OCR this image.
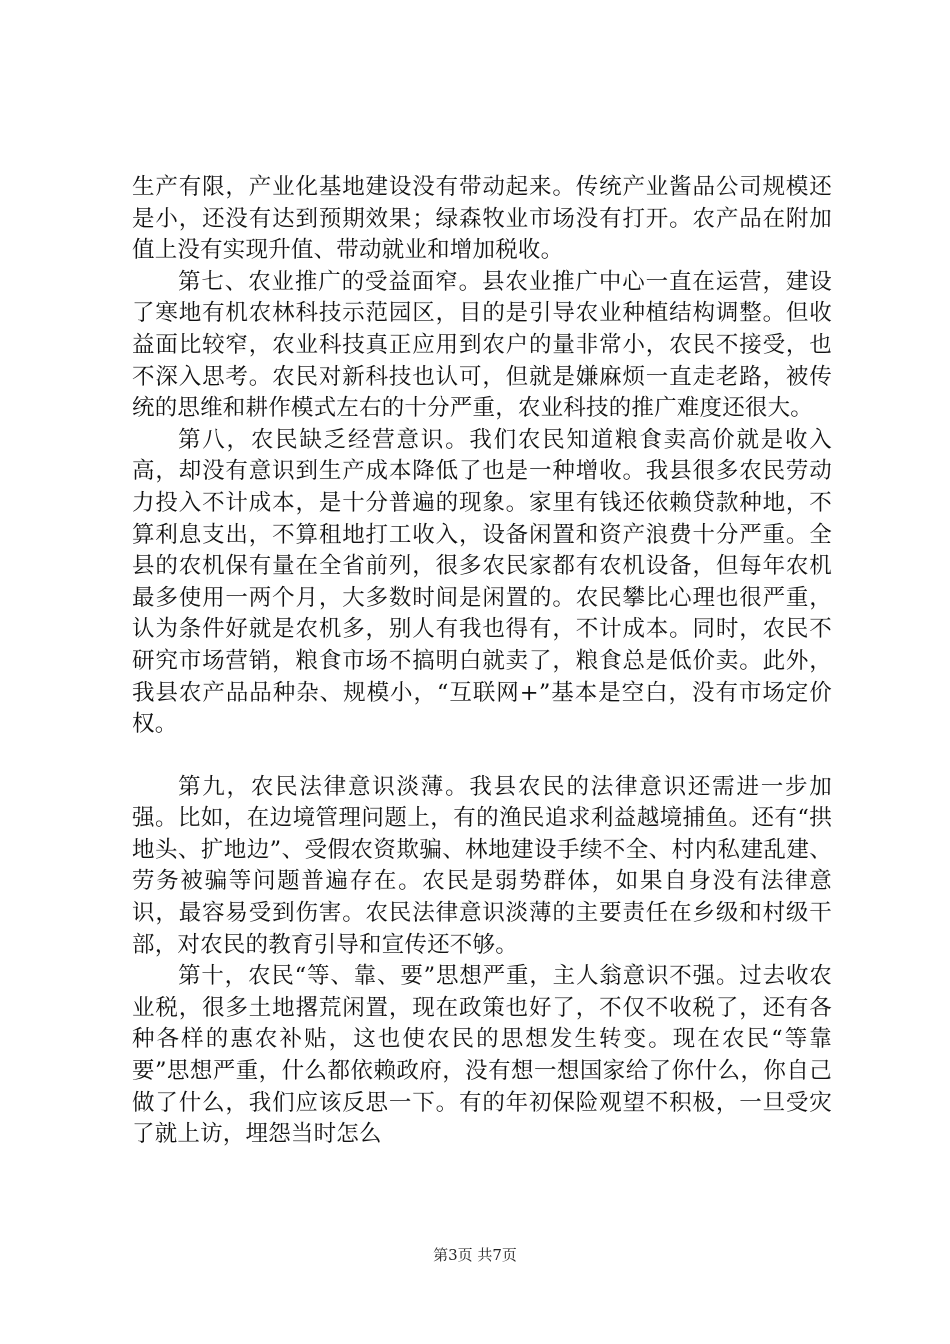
生产有限，产业化基地建设没有带动起来。传统产业酱品公司规模还是小，还没有达到预期效果；绿森牧业市场没有打开。农产品在附加值上没有实现升值、带动就业和增加税收。

第七、农业推广的受益面窄。县农业推广中心一直在运营，建设了寒地有机农林科技示范园区，目的是引导农业种植结构调整。但收益面比较窄，农业科技真正应用到农户的量非常小，农民不接受，也不深入思考。农民对新科技也认可，但就是嫌麻烦一直走老路，被传统的思维和耕作模式左右的十分严重，农业科技的推广难度还很大。

第八，农民缺乏经营意识。我们农民知道粮食卖高价就是收入高，却没有意识到生产成本降低了也是一种增收。我县很多农民劳动力投入不计成本，是十分普遍的现象。家里有钱还依赖贷款种地，不算利息支出，不算租地打工收入，设备闲置和资产浪费十分严重。全县的农机保有量在全省前列，很多农民家都有农机设备，但每年农机最多使用一两个月，大多数时间是闲置的。农民攀比心理也很严重，认为条件好就是农机多，别人有我也得有，不计成本。同时，农民不研究市场营销，粮食市场不搞明白就卖了，粮食总是低价卖。此外，我县农产品品种杂、规模小，“互联网+”基本是空白，没有市场定价权。

第九，农民法律意识淡薄。我县农民的法律意识还需进一步加强。比如，在边境管理问题上，有的渔民追求利益越境捕鱼。还有“拱地头、扩地边”、受假农资欺骗、林地建设手续不全、村内私建乱建、劳务被骗等问题普遍存在。农民是弱势群体，如果自身没有法律意识，最容易受到伤害。农民法律意识淡薄的主要责任在乡级和村级干部，对农民的教育引导和宣传还不够。

第十，农民“等、靠、要”思想严重，主人翁意识不强。过去收农业税，很多土地撂荒闲置，现在政策也好了，不仅不收税了，还有各种各样的惠农补贴，这也使农民的思想发生转变。现在农民“等靠要”思想严重，什么都依赖政府，没有想一想国家给了你什么，你自己做了什么，我们应该反思一下。有的年初保险观望不积极，一旦受灾了就上访，埋怨当时怎么

第3页 共7页
